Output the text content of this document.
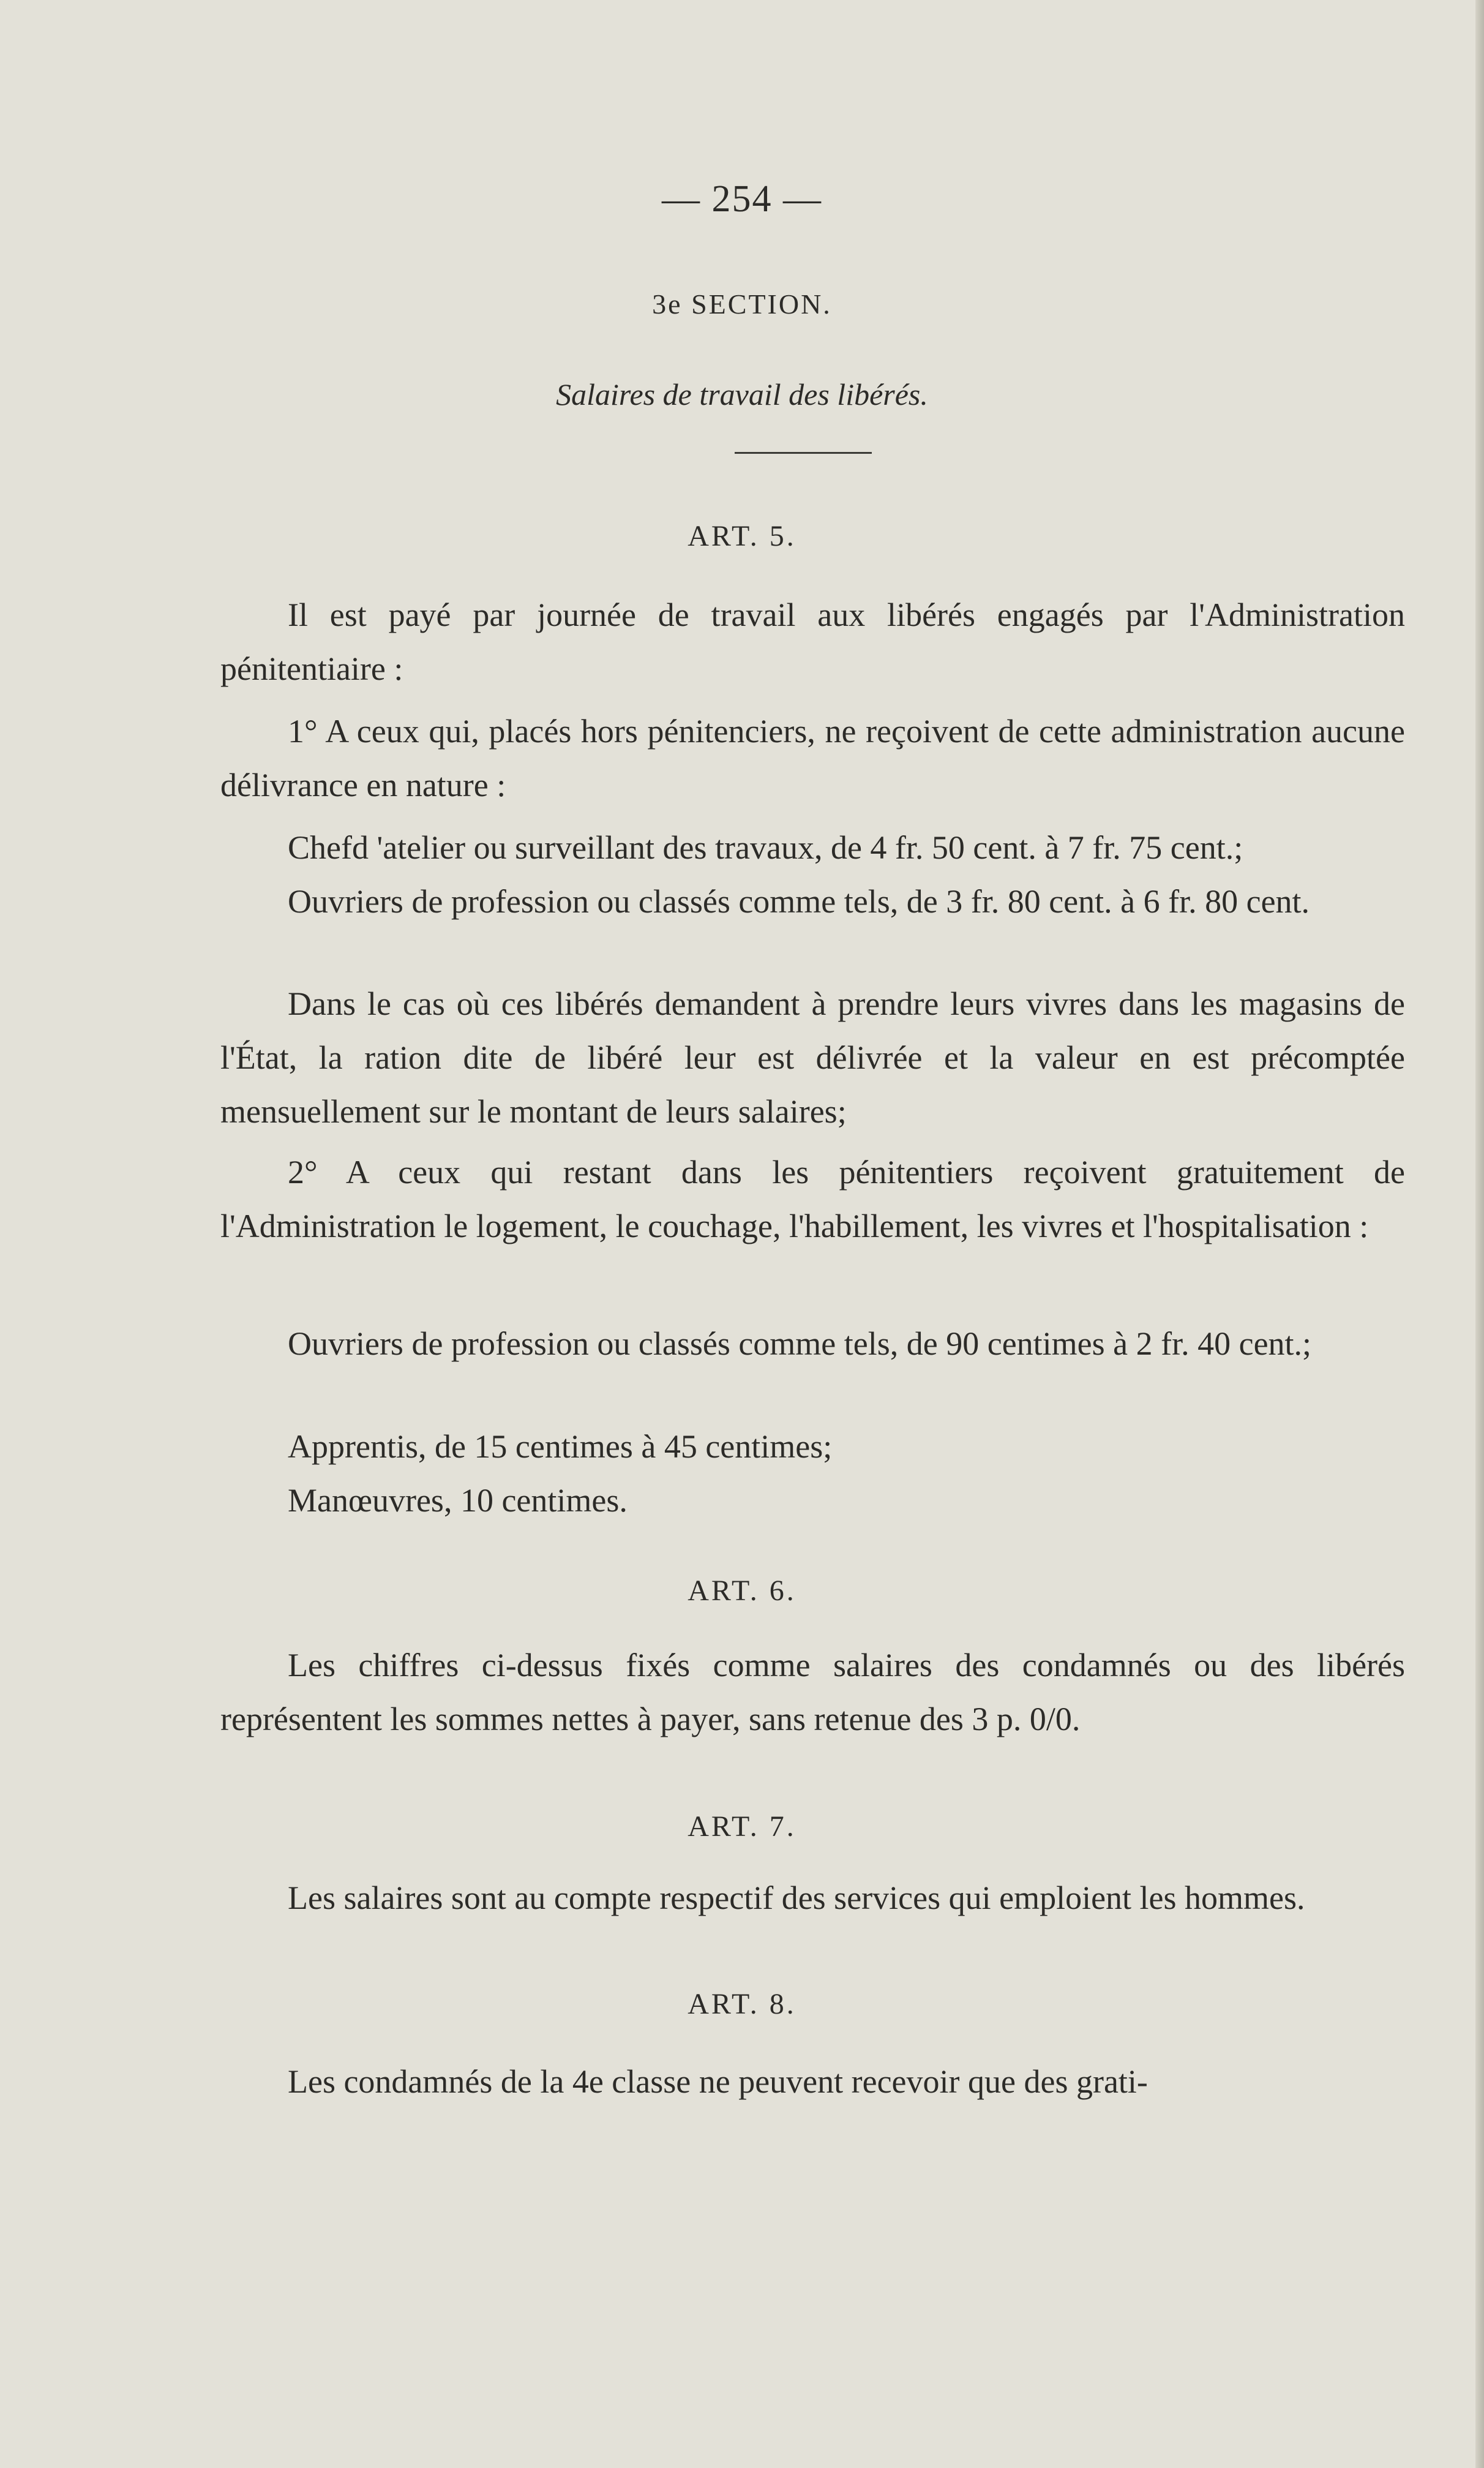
— 254 —
3e SECTION.
Salaires de travail des libérés.
ART. 5.

Il est payé par journée de travail aux libérés engagés par l'Administration pénitentiaire :

1° A ceux qui, placés hors pénitenciers, ne reçoivent de cette administration aucune délivrance en nature :

Chefd 'atelier ou surveillant des travaux, de 4 fr. 50 cent. à 7 fr. 75 cent.;

Ouvriers de profession ou classés comme tels, de 3 fr. 80 cent. à 6 fr. 80 cent.

Dans le cas où ces libérés demandent à prendre leurs vivres dans les magasins de l'État, la ration dite de libéré leur est délivrée et la valeur en est précomptée mensuellement sur le montant de leurs salaires;

2° A ceux qui restant dans les pénitentiers reçoivent gratuitement de l'Administration le logement, le couchage, l'habillement, les vivres et l'hospitalisation :

Ouvriers de profession ou classés comme tels, de 90 centimes à 2 fr. 40 cent.;

Apprentis, de 15 centimes à 45 centimes;

Manœuvres, 10 centimes.

ART. 6.

Les chiffres ci-dessus fixés comme salaires des condamnés ou des libérés représentent les sommes nettes à payer, sans retenue des 3 p. 0/0.

ART. 7.

Les salaires sont au compte respectif des services qui emploient les hommes.

ART. 8.

Les condamnés de la 4e classe ne peuvent recevoir que des grati-
